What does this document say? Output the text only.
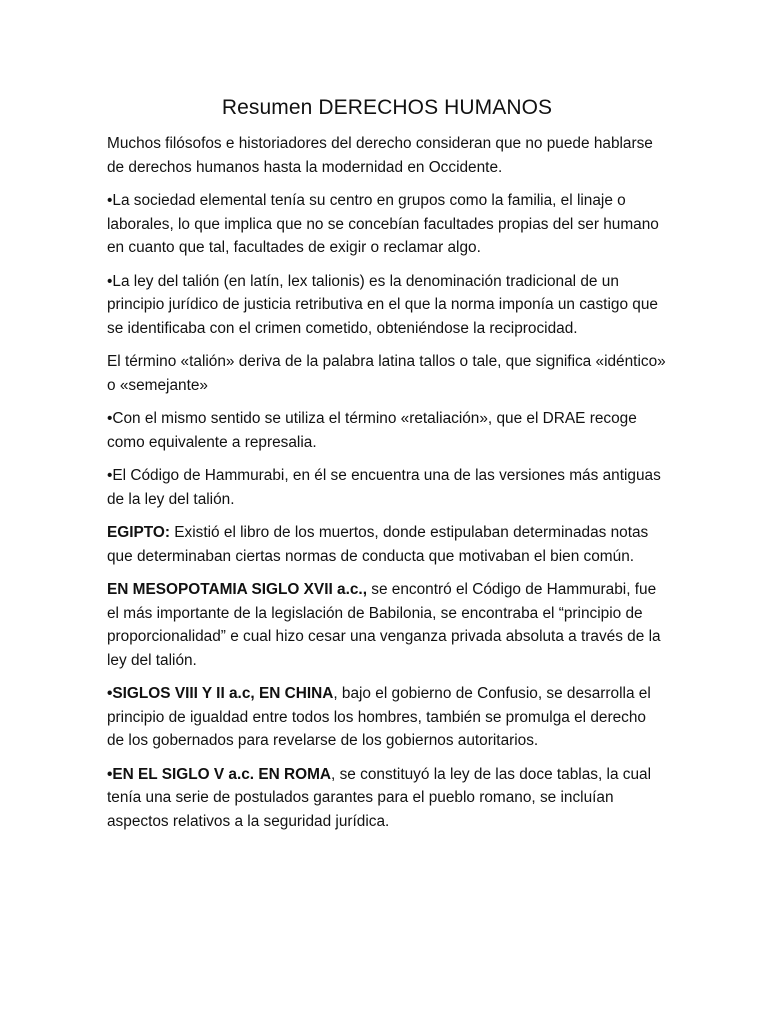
Resumen DERECHOS HUMANOS

Muchos filósofos e historiadores del derecho consideran que no puede hablarse de derechos humanos hasta la modernidad en Occidente.

•La sociedad elemental tenía su centro en grupos como la familia, el linaje o laborales, lo que implica que no se concebían facultades propias del ser humano en cuanto que tal, facultades de exigir o reclamar algo.

•La ley del talión (en latín, lex talionis) es la denominación tradicional de un principio jurídico de justicia retributiva en el que la norma imponía un castigo que se identificaba con el crimen cometido, obteniéndose la reciprocidad.

El término «talión» deriva de la palabra latina tallos o tale, que significa «idéntico» o «semejante»

•Con el mismo sentido se utiliza el término «retaliación», que el DRAE recoge como equivalente a represalia.

•El Código de Hammurabi, en él se encuentra una de las versiones más antiguas de la ley del talión.

EGIPTO: Existió el libro de los muertos, donde estipulaban determinadas notas que determinaban ciertas normas de conducta que motivaban el bien común.

EN MESOPOTAMIA SIGLO XVII a.c., se encontró el Código de Hammurabi, fue el más importante de la legislación de Babilonia, se encontraba el “principio de proporcionalidad” e cual hizo cesar una venganza privada absoluta a través de la ley del talión.

•SIGLOS VIII Y II a.c, EN CHINA, bajo el gobierno de Confusio, se desarrolla el principio de igualdad entre todos los hombres, también se promulga el derecho de los gobernados para revelarse de los gobiernos autoritarios.

•EN EL SIGLO V a.c. EN ROMA, se constituyó la ley de las doce tablas, la cual tenía una serie de postulados garantes para el pueblo romano, se incluían aspectos relativos a la seguridad jurídica.
